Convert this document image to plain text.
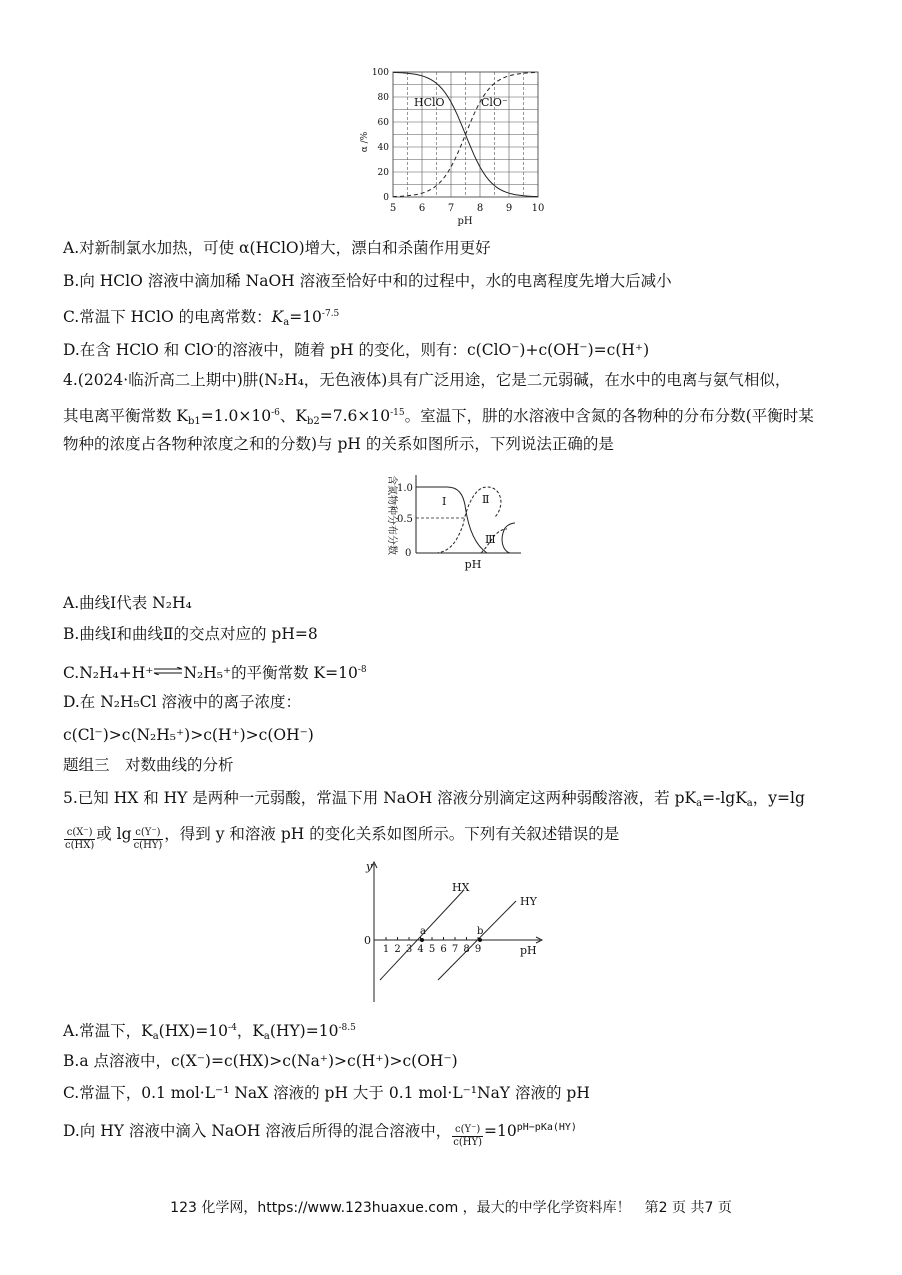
α /%
pH
5 6 7 8 9 10
0
20
40
60
80
100
HClO	ClO⁻
A.对新制氯水加热，可使 α(HClO)增大，漂白和杀菌作用更好
B.向 HClO 溶液中滴加稀 NaOH 溶液至恰好中和的过程中，水的电离程度先增大后减小
C.常温下 HClO 的电离常数：$K_a=10^{-7.5}$
D.在含 HClO 和 ClO-的溶液中，随着 pH 的变化，则有：c(ClO⁻)+c(OH⁻)=c(H⁺)
4.(2024·临沂高二上期中)肼(N₂H₄，无色液体)具有广泛用途，它是二元弱碱，在水中的电离与氨气相似，
其电离平衡常数 $K_{b1}=1.0\times 10^{-6}$、$K_{b2}=7.6\times 10^{-15}$。室温下，肼的水溶液中含氮的各物种的分布分数(平衡时某
物种的浓度占各物种浓度之和的分数)与 pH 的关系如图所示，下列说法正确的是
含氮物种分布分数 1.0
0.5
0
Ⅰ	Ⅱ
Ⅲ
pH
A.曲线Ⅰ代表 N₂H₄
B.曲线Ⅰ和曲线Ⅱ的交点对应的 pH=8
C.N₂H₄+H⁺⇌N₂H₅⁺的平衡常数 $K=10^{-8}$
D.在 N₂H₅Cl 溶液中的离子浓度：
c(Cl⁻)>c(N₂H₅⁺)>c(H⁺)>c(OH⁻)
题组三　对数曲线的分析
5.已知 HX 和 HY 是两种一元弱酸，常温下用 NaOH 溶液分别滴定这两种弱酸溶液，若 $pK_a=-\lg K_a$，y=lg
$\frac{c(X^-)}{c(HX)}$ 或 $\lg \frac{c(Y^-)}{c(HY)}$ ，得到 y 和溶液 pH 的变化关系如图所示。下列有关叙述错误的是
1 2 3 4 5 6 7 8 9
y
0
pH
HX
HY
a	b
A.常温下，$K_a(HX)=10^{-4}$，$K_a(HY)=10^{-8.5}$
B.a 点溶液中，c(X⁻)=c(HX)>c(Na⁺)>c(H⁺)>c(OH⁻)
C.常温下，0.1 mol·L⁻¹ NaX 溶液的 pH 大于 0.1 mol·L⁻¹NaY 溶液的 pH
D.向 HY 溶液中滴入 NaOH 溶液后所得的混合溶液中， $\frac{c(Y^-)}{c(HY)} =10^{pH-pKa(HY)}$
123 化学网，https://www.123huaxue.com ，最大的中学化学资料库！　第2 页 共7 页
